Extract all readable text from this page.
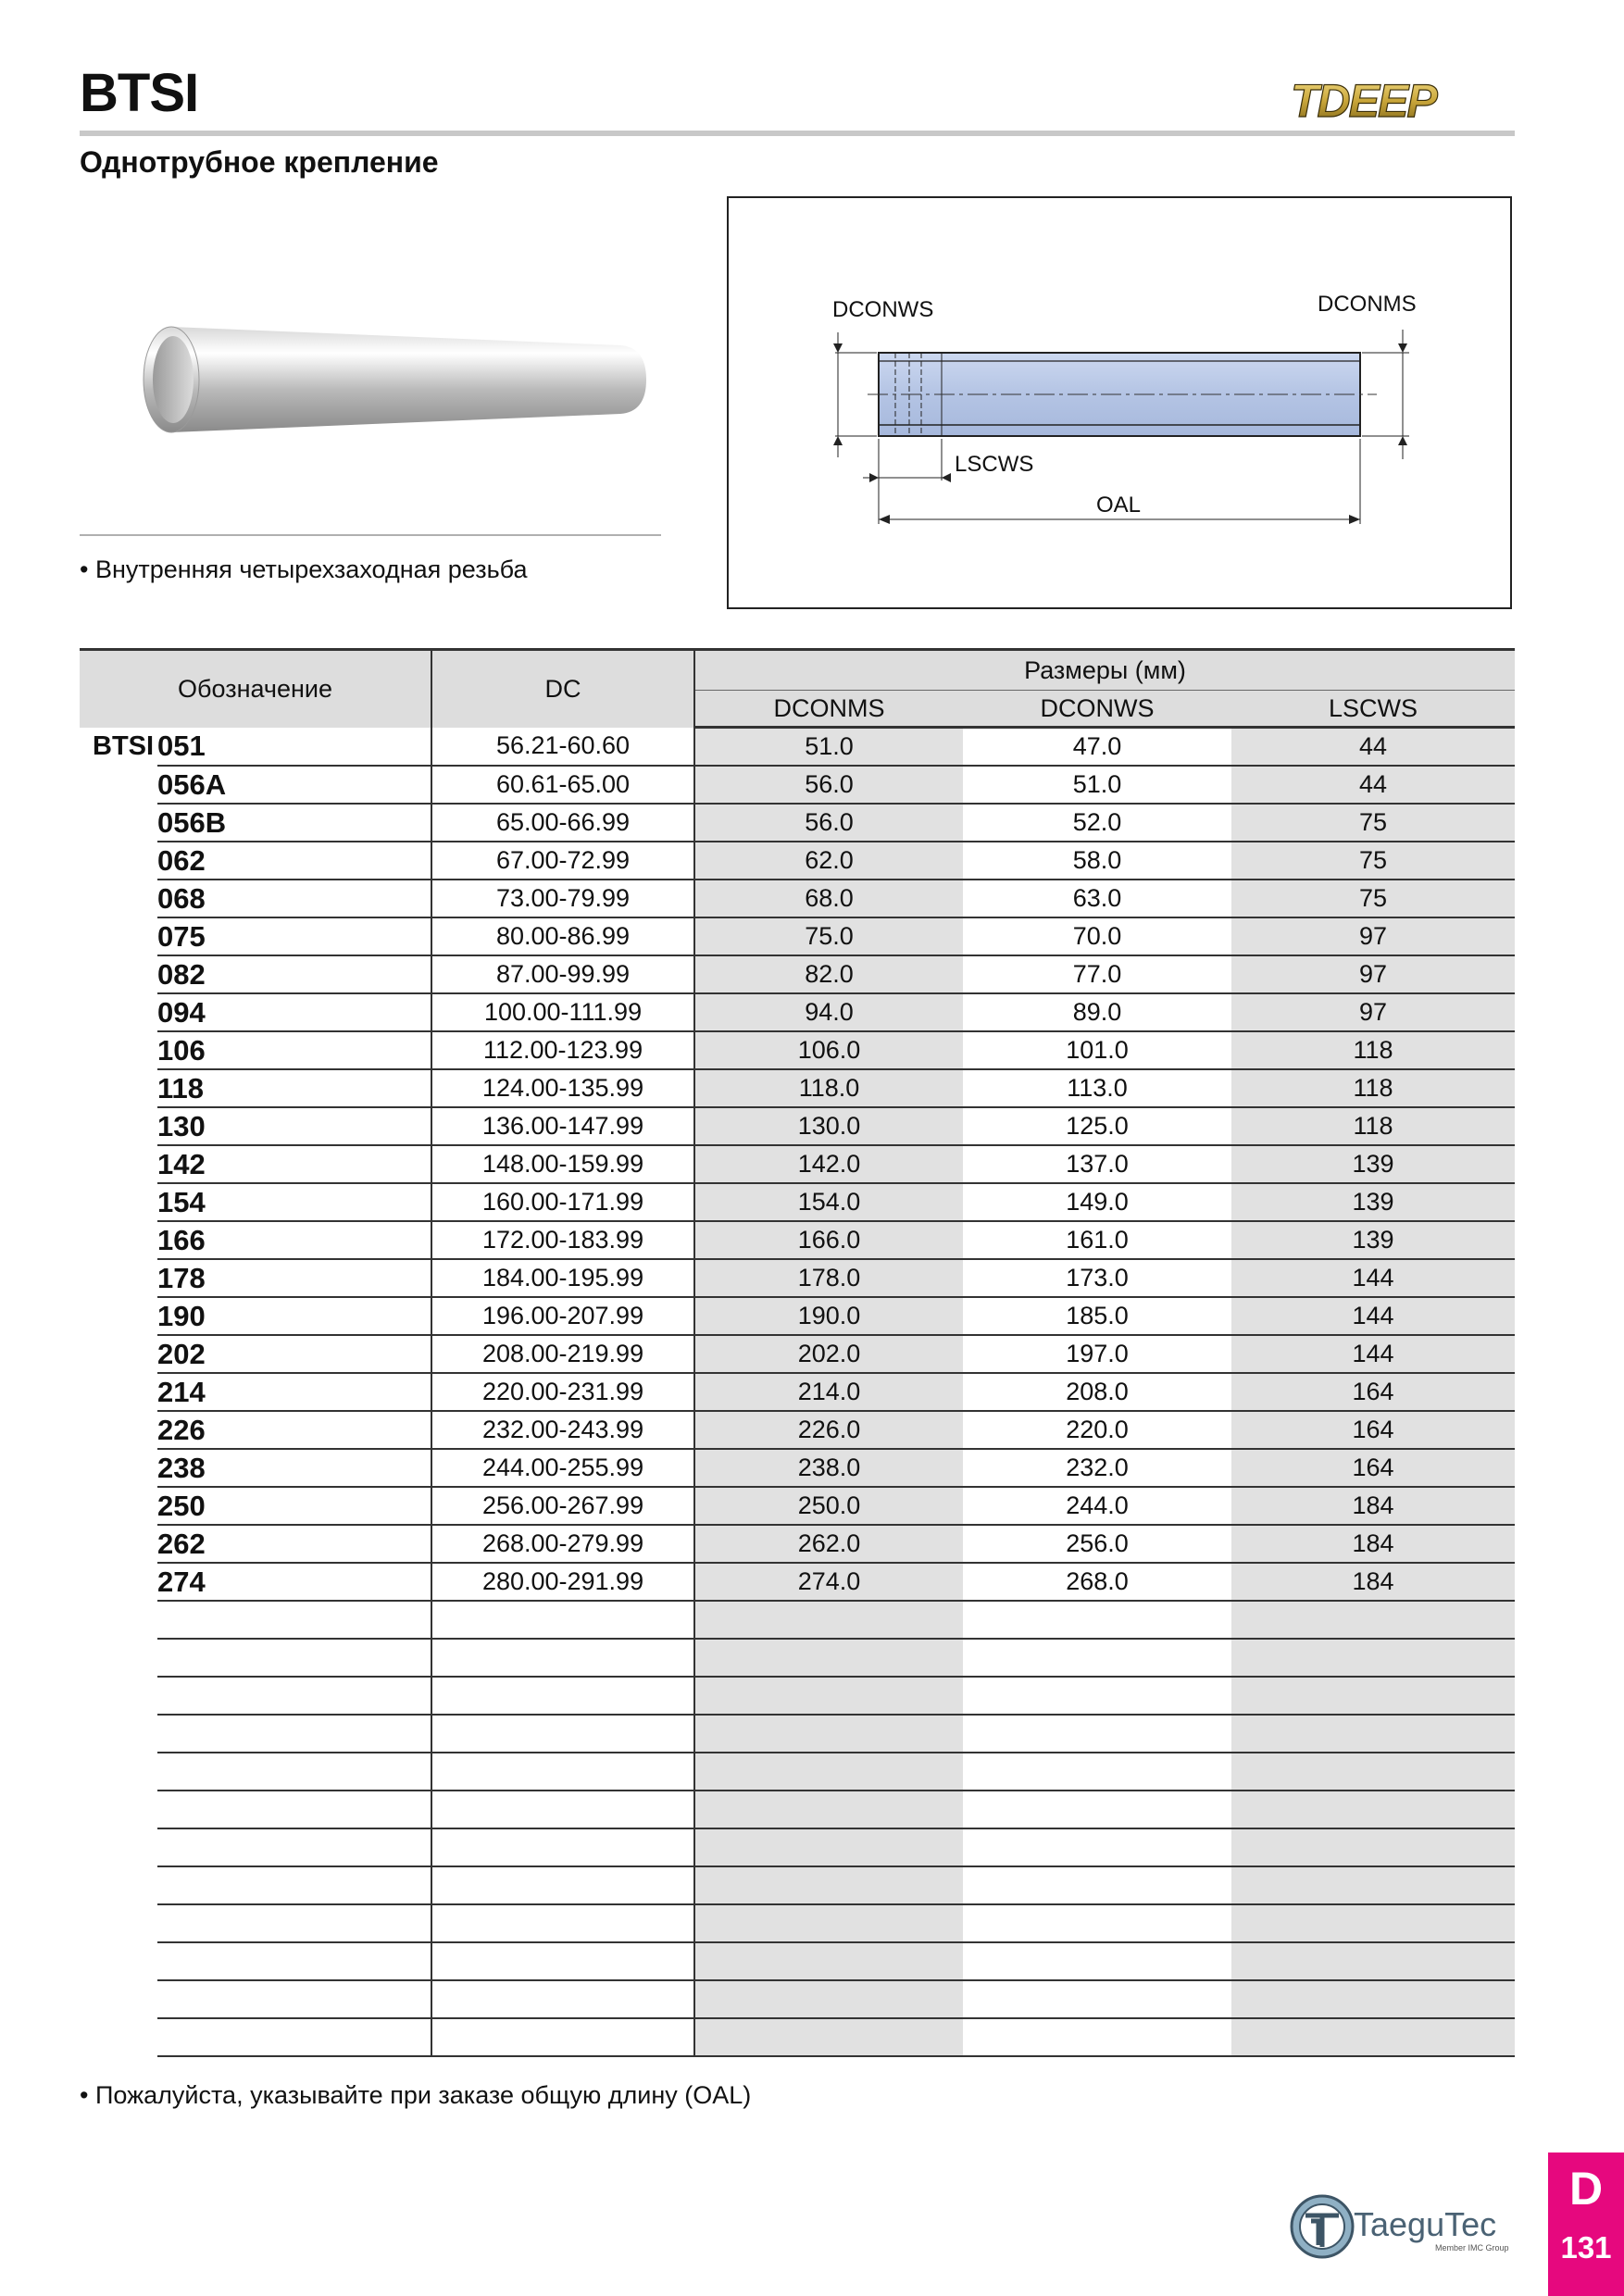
BTSI	TDEEP
Однотрубное крепление
• Внутренняя четырехзаходная резьба
DCONWS	DCONMS
LSCWS
OAL
Обозначение		DC	Размеры (мм)		
			DCONMS	DCONWS	LSCWS
BTSI	051	56.21-60.60	51.0	47.0	44
	056A	60.61-65.00	56.0	51.0	44
	056B	65.00-66.99	56.0	52.0	75
	062	67.00-72.99	62.0	58.0	75
	068	73.00-79.99	68.0	63.0	75
	075	80.00-86.99	75.0	70.0	97
	082	87.00-99.99	82.0	77.0	97
	094	100.00-111.99	94.0	89.0	97
	106	112.00-123.99	106.0	101.0	118
	118	124.00-135.99	118.0	113.0	118
	130	136.00-147.99	130.0	125.0	118
	142	148.00-159.99	142.0	137.0	139
	154	160.00-171.99	154.0	149.0	139
	166	172.00-183.99	166.0	161.0	139
	178	184.00-195.99	178.0	173.0	144
	190	196.00-207.99	190.0	185.0	144
	202	208.00-219.99	202.0	197.0	144
	214	220.00-231.99	214.0	208.0	164
	226	232.00-243.99	226.0	220.0	164
	238	244.00-255.99	238.0	232.0	164
	250	256.00-267.99	250.0	244.0	184
	262	268.00-279.99	262.0	256.0	184
	274	280.00-291.99	274.0	268.0	184

• Пожалуйста, указывайте при заказе общую длину (OAL)
TaeguTec
Member IMC Group
D
131
